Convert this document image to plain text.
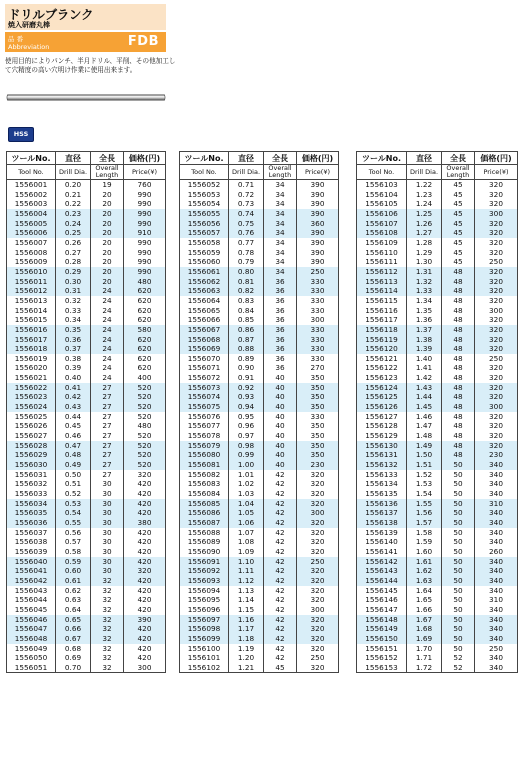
ドリルブランク
焼入研磨丸棒
品 番
Abbreviation	FDB
使用目的によりパンチ、半月ドリル、平削、その他加工して穴精度の高い穴明け作業に使用出来ます。
HSS
ツールNo.	直径	全長	価格(円)
Tool No.	Drill Dia.	Overall Length	Price(¥)
1556001	0.20	19	760
1556002	0.21	20	990
1556003	0.22	20	990
1556004	0.23	20	990
1556005	0.24	20	990
1556006	0.25	20	910
1556007	0.26	20	990
1556008	0.27	20	990
1556009	0.28	20	990
1556010	0.29	20	990
1556011	0.30	20	480
1556012	0.31	24	620
1556013	0.32	24	620
1556014	0.33	24	620
1556015	0.34	24	620
1556016	0.35	24	580
1556017	0.36	24	620
1556018	0.37	24	620
1556019	0.38	24	620
1556020	0.39	24	620
1556021	0.40	24	400
1556022	0.41	27	520
1556023	0.42	27	520
1556024	0.43	27	520
1556025	0.44	27	520
1556026	0.45	27	480
1556027	0.46	27	520
1556028	0.47	27	520
1556029	0.48	27	520
1556030	0.49	27	520
1556031	0.50	27	320
1556032	0.51	30	420
1556033	0.52	30	420
1556034	0.53	30	420
1556035	0.54	30	420
1556036	0.55	30	380
1556037	0.56	30	420
1556038	0.57	30	420
1556039	0.58	30	420
1556040	0.59	30	420
1556041	0.60	30	320
1556042	0.61	32	420
1556043	0.62	32	420
1556044	0.63	32	420
1556045	0.64	32	420
1556046	0.65	32	390
1556047	0.66	32	420
1556048	0.67	32	420
1556049	0.68	32	420
1556050	0.69	32	420
1556051	0.70	32	300
ツールNo.	直径	全長	価格(円)
Tool No.	Drill Dia.	Overall Length	Price(¥)
1556052	0.71	34	390
1556053	0.72	34	390
1556054	0.73	34	390
1556055	0.74	34	390
1556056	0.75	34	360
1556057	0.76	34	390
1556058	0.77	34	390
1556059	0.78	34	390
1556060	0.79	34	390
1556061	0.80	34	250
1556062	0.81	36	330
1556063	0.82	36	330
1556064	0.83	36	330
1556065	0.84	36	330
1556066	0.85	36	300
1556067	0.86	36	330
1556068	0.87	36	330
1556069	0.88	36	330
1556070	0.89	36	330
1556071	0.90	36	270
1556072	0.91	40	350
1556073	0.92	40	350
1556074	0.93	40	350
1556075	0.94	40	350
1556076	0.95	40	330
1556077	0.96	40	350
1556078	0.97	40	350
1556079	0.98	40	350
1556080	0.99	40	350
1556081	1.00	40	230
1556082	1.01	42	320
1556083	1.02	42	320
1556084	1.03	42	320
1556085	1.04	42	320
1556086	1.05	42	300
1556087	1.06	42	320
1556088	1.07	42	320
1556089	1.08	42	320
1556090	1.09	42	320
1556091	1.10	42	250
1556092	1.11	42	320
1556093	1.12	42	320
1556094	1.13	42	320
1556095	1.14	42	320
1556096	1.15	42	300
1556097	1.16	42	320
1556098	1.17	42	320
1556099	1.18	42	320
1556100	1.19	42	320
1556101	1.20	42	250
1556102	1.21	45	320
ツールNo.	直径	全長	価格(円)
Tool No.	Drill Dia.	Overall Length	Price(¥)
1556103	1.22	45	320
1556104	1.23	45	320
1556105	1.24	45	320
1556106	1.25	45	300
1556107	1.26	45	320
1556108	1.27	45	320
1556109	1.28	45	320
1556110	1.29	45	320
1556111	1.30	45	250
1556112	1.31	48	320
1556113	1.32	48	320
1556114	1.33	48	320
1556115	1.34	48	320
1556116	1.35	48	300
1556117	1.36	48	320
1556118	1.37	48	320
1556119	1.38	48	320
1556120	1.39	48	320
1556121	1.40	48	250
1556122	1.41	48	320
1556123	1.42	48	320
1556124	1.43	48	320
1556125	1.44	48	320
1556126	1.45	48	300
1556127	1.46	48	320
1556128	1.47	48	320
1556129	1.48	48	320
1556130	1.49	48	320
1556131	1.50	48	230
1556132	1.51	50	340
1556133	1.52	50	340
1556134	1.53	50	340
1556135	1.54	50	340
1556136	1.55	50	310
1556137	1.56	50	340
1556138	1.57	50	340
1556139	1.58	50	340
1556140	1.59	50	340
1556141	1.60	50	260
1556142	1.61	50	340
1556143	1.62	50	340
1556144	1.63	50	340
1556145	1.64	50	340
1556146	1.65	50	310
1556147	1.66	50	340
1556148	1.67	50	340
1556149	1.68	50	340
1556150	1.69	50	340
1556151	1.70	50	250
1556152	1.71	52	340
1556153	1.72	52	340
